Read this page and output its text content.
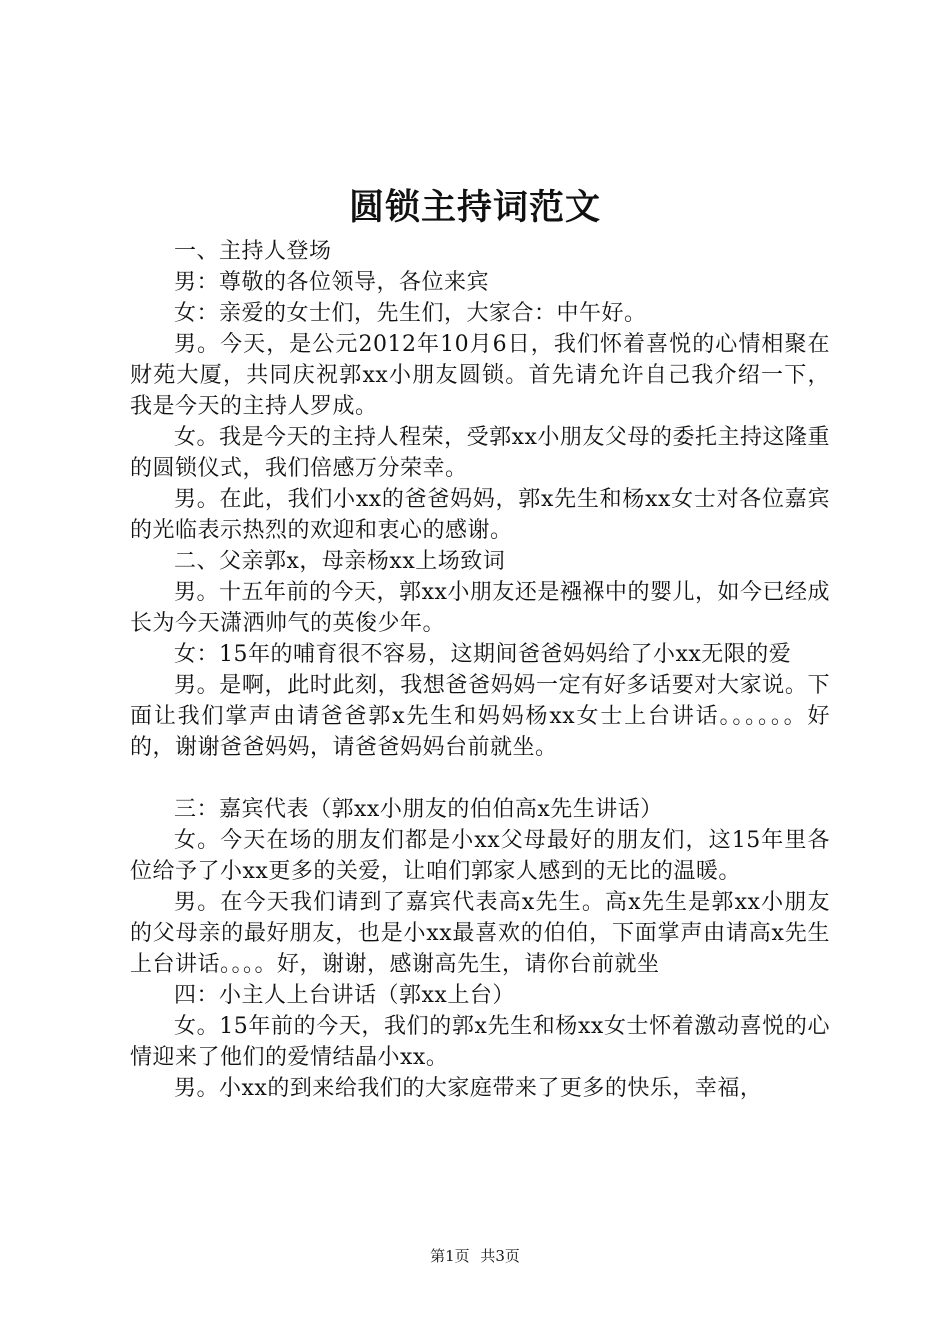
圆锁主持词范文

一、主持人登场

男：尊敬的各位领导，各位来宾

女：亲爱的女士们，先生们，大家合：中午好。

男。今天，是公元2012年10月6日，我们怀着喜悦的心情相聚在财苑大厦，共同庆祝郭xx小朋友圆锁。首先请允许自己我介绍一下，我是今天的主持人罗成。

女。我是今天的主持人程荣，受郭xx小朋友父母的委托主持这隆重的圆锁仪式，我们倍感万分荣幸。

男。在此，我们小xx的爸爸妈妈，郭x先生和杨xx女士对各位嘉宾的光临表示热烈的欢迎和衷心的感谢。

二、父亲郭x，母亲杨xx上场致词

男。十五年前的今天，郭xx小朋友还是襁褓中的婴儿，如今已经成长为今天潇洒帅气的英俊少年。

女：15年的哺育很不容易，这期间爸爸妈妈给了小xx无限的爱

男。是啊，此时此刻，我想爸爸妈妈一定有好多话要对大家说。下面让我们掌声由请爸爸郭x先生和妈妈杨xx女士上台讲话。。。。。。好的，谢谢爸爸妈妈，请爸爸妈妈台前就坐。

三：嘉宾代表（郭xx小朋友的伯伯高x先生讲话）

女。今天在场的朋友们都是小xx父母最好的朋友们，这15年里各位给予了小xx更多的关爱，让咱们郭家人感到的无比的温暖。

男。在今天我们请到了嘉宾代表高x先生。高x先生是郭xx小朋友的父母亲的最好朋友，也是小xx最喜欢的伯伯，下面掌声由请高x先生上台讲话。。。。好，谢谢，感谢高先生，请你台前就坐

四：小主人上台讲话（郭xx上台）

女。15年前的今天，我们的郭x先生和杨xx女士怀着激动喜悦的心情迎来了他们的爱情结晶小xx。

男。小xx的到来给我们的大家庭带来了更多的快乐，幸福，

第1页 共3页
